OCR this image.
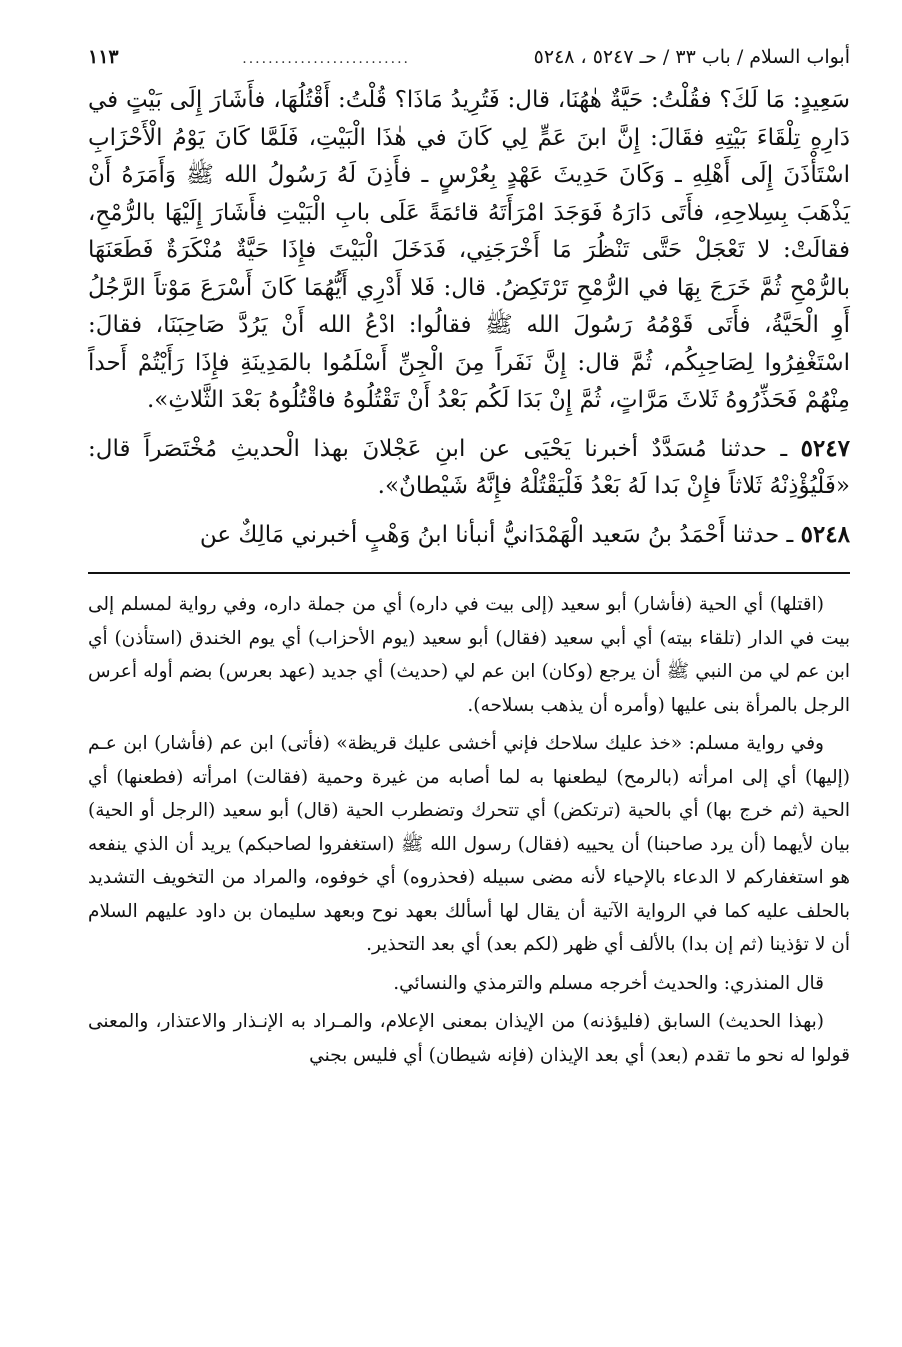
أبواب السلام / باب ٣٣ / حـ ٥٢٤٧ ، ٥٢٤٨
..........................
١١٣

سَعِيدٍ: مَا لَكَ؟ فقُلْتُ: حَيَّةٌ هٰهُنَا، قال: فَتُرِيدُ مَاذَا؟ قُلْتُ: أَقْتُلُهَا، فأَشَارَ إِلَى بَيْتٍ في دَارِهِ تِلْقَاءَ بَيْتِهِ فقَالَ: إِنَّ ابنَ عَمٍّ لِي كَانَ في هٰذَا الْبَيْتِ، فَلَمَّا كَانَ يَوْمُ الْأَحْزَابِ اسْتَأْذَنَ إِلَى أَهْلِهِ ـ وَكَانَ حَدِيثَ عَهْدٍ بِعُرْسٍ ـ فأَذِنَ لَهُ رَسُولُ الله ﷺ وَأَمَرَهُ أَنْ يَذْهَبَ بِسِلاحِهِ، فأَتَى دَارَهُ فَوَجَدَ امْرَأَتَهُ قائمَةً عَلَى بابِ الْبَيْتِ فأَشَارَ إِلَيْهَا بالرُّمْحِ، فقالَتْ: لا تَعْجَلْ حَتَّى تَنْظُرَ مَا أَخْرَجَنِي، فَدَخَلَ الْبَيْتَ فإِذَا حَيَّةٌ مُنْكَرَةٌ فَطَعَنَهَا بالرُّمْحِ ثُمَّ خَرَجَ بِهَا في الرُّمْحِ تَرْتَكِضُ. قال: فَلا أَدْرِي أَيُّهُمَا كَانَ أَسْرَعَ مَوْتاً الرَّجُلُ أَوِ الْحَيَّةُ، فأَتَى قَوْمُهُ رَسُولَ الله ﷺ فقالُوا: ادْعُ الله أَنْ يَرُدَّ صَاحِبَنَا، فقالَ: اسْتَغْفِرُوا لِصَاحِبِكُم، ثُمَّ قال: إِنَّ نَفَراً مِنَ الْجِنِّ أَسْلَمُوا بالمَدِينَةِ فإِذَا رَأَيْتُمْ أَحداً مِنْهُمْ فَحَذِّرُوهُ ثَلاثَ مَرَّاتٍ، ثُمَّ إِنْ بَدَا لَكُم بَعْدُ أَنْ تَقْتُلُوهُ فاقْتُلُوهُ بَعْدَ الثَّلاثِ».

٥٢٤٧ ـ حدثنا مُسَدَّدٌ أخبرنا يَحْيَى عن ابنِ عَجْلانَ بهذا الْحديثِ مُخْتَصَراً قال: «فَلْيُؤْذِنْهُ ثَلاثاً فإِنْ بَدا لَهُ بَعْدُ فَلْيَقْتُلْهُ فإِنَّهُ شَيْطانٌ».

٥٢٤٨ ـ حدثنا أَحْمَدُ بنُ سَعيد الْهَمْدَانيُّ أنبأنا ابنُ وَهْبٍ أخبرني مَالِكٌ عن

(اقتلها) أي الحية (فأشار) أبو سعيد (إلى بيت في داره) أي من جملة داره، وفي رواية لمسلم إلى بيت في الدار (تلقاء بيته) أي أبي سعيد (فقال) أبو سعيد (يوم الأحزاب) أي يوم الخندق (استأذن) أي ابن عم لي من النبي ﷺ أن يرجع (وكان) ابن عم لي (حديث) أي جديد (عهد بعرس) بضم أوله أعرس الرجل بالمرأة بنى عليها (وأمره أن يذهب بسلاحه).

وفي رواية مسلم: «خذ عليك سلاحك فإني أخشى عليك قريظة» (فأتى) ابن عم (فأشار) ابن عـم (إليها) أي إلى امرأته (بالرمح) ليطعنها به لما أصابه من غيرة وحمية (فقالت) امرأته (فطعنها) أي الحية (ثم خرج بها) أي بالحية (ترتكض) أي تتحرك وتضطرب الحية (قال) أبو سعيد (الرجل أو الحية) بيان لأيهما (أن يرد صاحبنا) أن يحييه (فقال) رسول الله ﷺ (استغفروا لصاحبكم) يريد أن الذي ينفعه هو استغفاركم لا الدعاء بالإحياء لأنه مضى سبيله (فحذروه) أي خوفوه، والمراد من التخويف التشديد بالحلف عليه كما في الرواية الآتية أن يقال لها أسألك بعهد نوح وبعهد سليمان بن داود عليهم السلام أن لا تؤذينا (ثم إن بدا) بالألف أي ظهر (لكم بعد) أي بعد التحذير.

قال المنذري: والحديث أخرجه مسلم والترمذي والنسائي.

(بهذا الحديث) السابق (فليؤذنه) من الإيذان بمعنى الإعلام، والمـراد به الإنـذار والاعتذار، والمعنى قولوا له نحو ما تقدم (بعد) أي بعد الإيذان (فإنه شيطان) أي فليس بجني
